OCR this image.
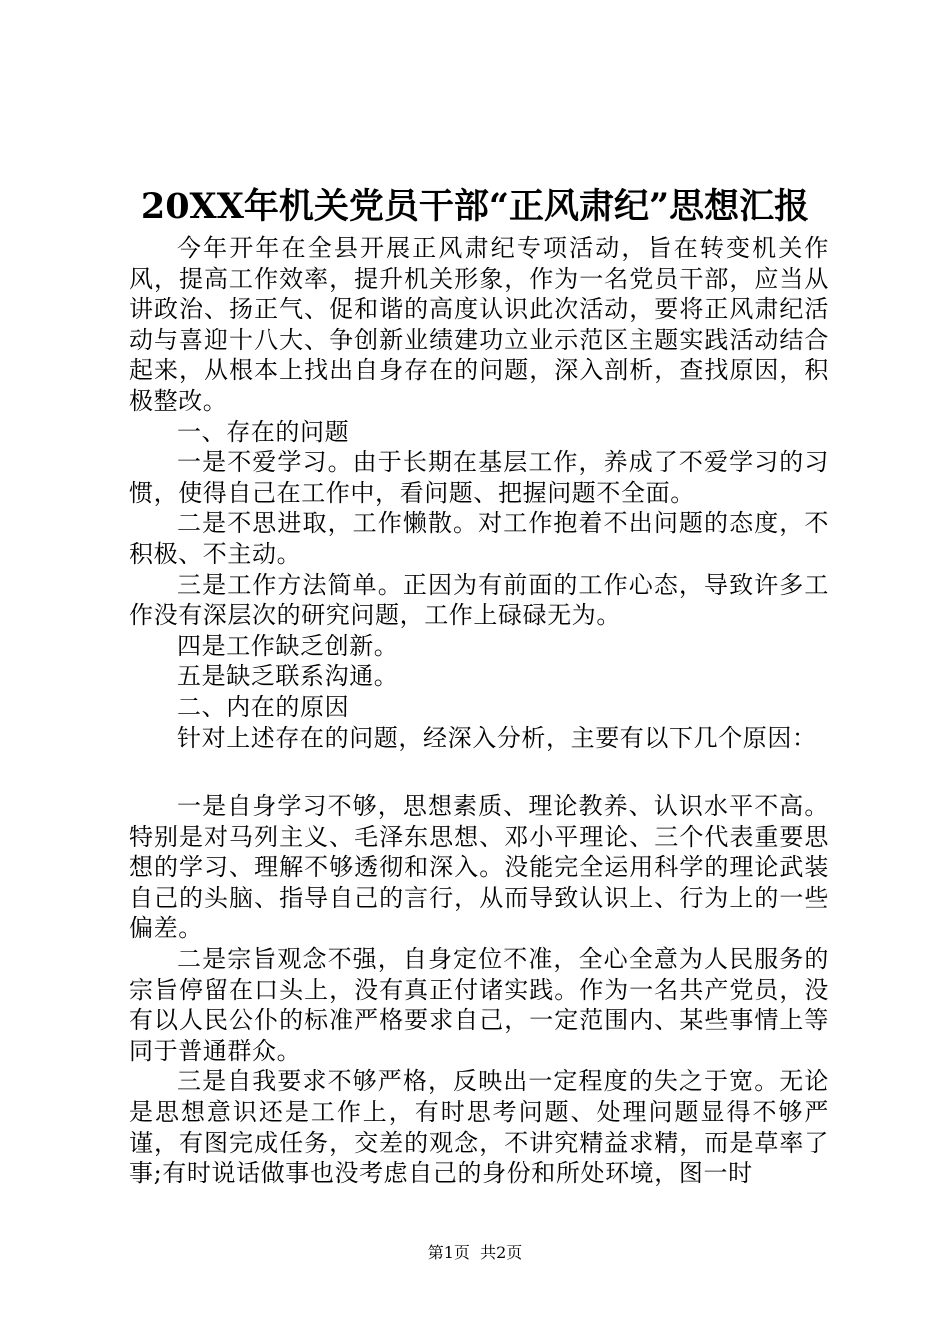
20XX年机关党员干部“正风肃纪”思想汇报

今年开年在全县开展正风肃纪专项活动，旨在转变机关作风，提高工作效率，提升机关形象，作为一名党员干部，应当从讲政治、扬正气、促和谐的高度认识此次活动，要将正风肃纪活动与喜迎十八大、争创新业绩建功立业示范区主题实践活动结合起来，从根本上找出自身存在的问题，深入剖析，查找原因，积极整改。

一、存在的问题

一是不爱学习。由于长期在基层工作，养成了不爱学习的习惯，使得自己在工作中，看问题、把握问题不全面。

二是不思进取，工作懒散。对工作抱着不出问题的态度，不积极、不主动。

三是工作方法简单。正因为有前面的工作心态，导致许多工作没有深层次的研究问题，工作上碌碌无为。

四是工作缺乏创新。

五是缺乏联系沟通。

二、内在的原因

针对上述存在的问题，经深入分析，主要有以下几个原因：

一是自身学习不够，思想素质、理论教养、认识水平不高。特别是对马列主义、毛泽东思想、邓小平理论、三个代表重要思想的学习、理解不够透彻和深入。没能完全运用科学的理论武装自己的头脑、指导自己的言行，从而导致认识上、行为上的一些偏差。

二是宗旨观念不强，自身定位不准，全心全意为人民服务的宗旨停留在口头上，没有真正付诸实践。作为一名共产党员，没有以人民公仆的标准严格要求自己，一定范围内、某些事情上等同于普通群众。

三是自我要求不够严格，反映出一定程度的失之于宽。无论是思想意识还是工作上，有时思考问题、处理问题显得不够严谨，有图完成任务，交差的观念，不讲究精益求精，而是草率了事;有时说话做事也没考虑自己的身份和所处环境，图一时

第1页 共2页
